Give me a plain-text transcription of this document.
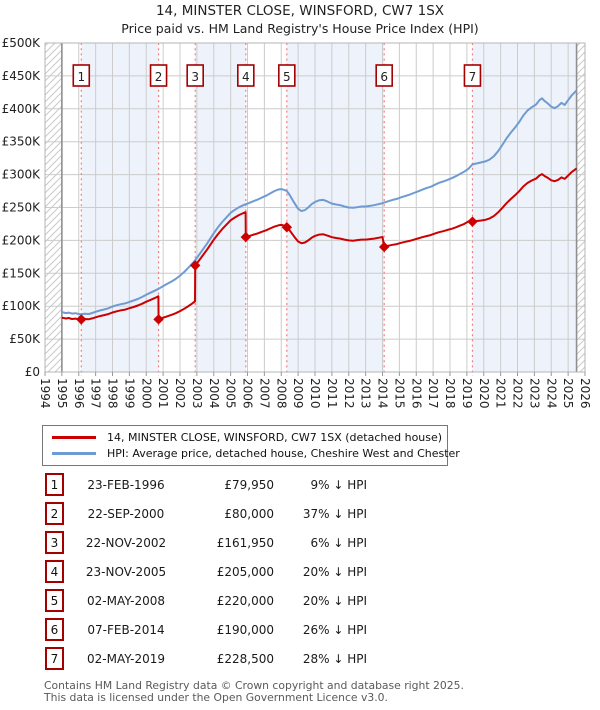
14, MINSTER CLOSE, WINSFORD, CW7 1SX
Price paid vs. HM Land Registry's House Price Index (HPI)
1	2 3	4	5	6	7
£0
£50K
£100K
£150K
£200K
£250K
£300K
£350K
£400K
£450K
£500K
1994 1995 1996 1997 1998 1999 2000 2001 2002 2003 2004 2005 2006 2007 2008 2009 2010 2011 2012 2013 2014 2015 2016 2017 2018 2019 2020 2021 2022 2023 2024 2025 2026
14, MINSTER CLOSE, WINSFORD, CW7 1SX (detached house)
HPI: Average price, detached house, Cheshire West and Chester
1	23-FEB-1996	£79,950	9% ↓ HPI
2	22-SEP-2000	£80,000	37% ↓ HPI
3	22-NOV-2002	£161,950	6% ↓ HPI
4	23-NOV-2005	£205,000	20% ↓ HPI
5	02-MAY-2008	£220,000	20% ↓ HPI
6	07-FEB-2014	£190,000	26% ↓ HPI
7	02-MAY-2019	£228,500	28% ↓ HPI
Contains HM Land Registry data © Crown copyright and database right 2025.
This data is licensed under the Open Government Licence v3.0.
